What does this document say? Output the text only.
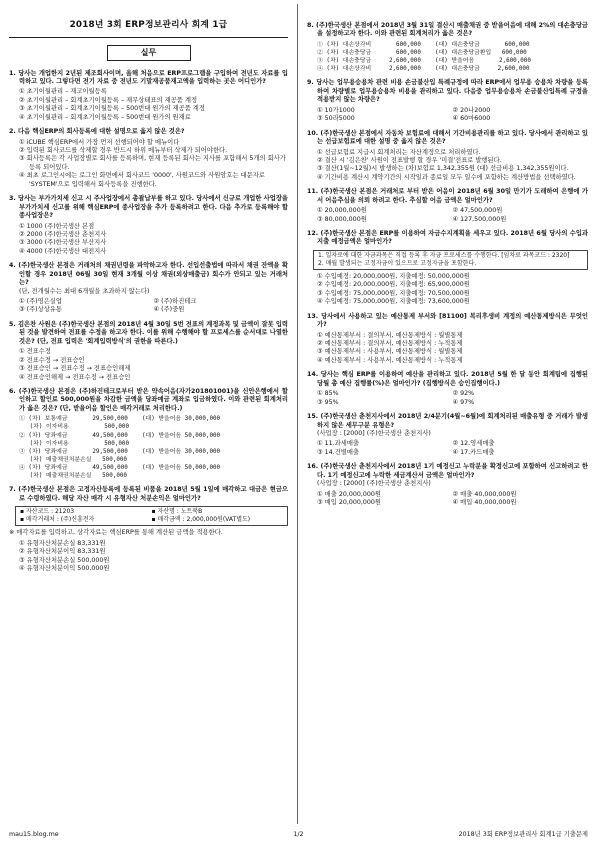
2018년 3회 ERP정보관리사 회계 1급
실무
1. 당사는 개업한지 2년된 제조회사이며, 올해 처음으로 ERP프로그램을 구입하여 전년도 자료를 입력하고 있다. 그렇다면 전기 자료 중 전년도 기말재공품재고액을 입력하는 곳은 어디인가?
① 초기이월관리 – 재고이월등록
② 초기이월관리 – 회계초기이월등록 – 재무상태표의 재공품 계정
③ 초기이월관리 – 회계초기이월등록 – 500번대 원가의 재공품 계정
④ 초기이월관리 – 회계초기이월등록 – 500번대 원가의 원재료
2. 다음 핵심ERP의 회사등록에 대한 설명으로 옳지 않은 것은?
① iCUBE 핵심ERP에서 가장 먼저 선행되어야 할 메뉴이다
② 입력된 회사코드를 삭제할 경우 반드시 하위 메뉴부터 삭제가 되어야한다.
③ 회사등록은 각 사업장별로 회사를 등록하며, 현재 등록된 회사는 지사를 포함해서 5개의 회사가 등록 되어있다.
④ 최초 로그인시에는 로그인 화면에서 회사코드 '0000', 사원코드와 사원암호는 대문자로 'SYSTEM'으로 입력해서 회사등록을 진행한다.
3. 당사는 부가가치세 신고 시 주사업장에서 총괄납부를 하고 있다. 당사에서 신규로 개업한 사업장을 부가가치세 신고를 위해 핵심ERP에 종사업장을 추가 등록하려고 한다. 다음 추가로 등록해야 할 종사업장은?
① 1000 (주)한국생산 본점
② 2000 (주)한국생산 춘천지사
③ 3000 (주)한국생산 부산지사
④ 4000 (주)한국생산 대전지사
4. (주)한국생산 본점은 거래처의 채권년령을 파악하고자 한다. 선입선출법에 따라서 채권 잔액을 확인할 경우 2018년 06월 30일 현재 3개월 이상 채권(외상매출금) 회수가 안되고 있는 거래처는?
(단, 전개월수는 최대 6개월을 초과하지 않는다)
① (주)영은실업	② (주)하진테크
③ (주)상상유통	④ (주)중원
5. 김은찬 사원은 (주)한국생산 본점의 2018년 4월 30일 5번 전표의 계정과목 및 금액이 잘못 입력된 것을 발견하여 전표를 수정을 하고자 한다. 이를 위해 수행해야 할 프로세스를 순서대로 나열한 것은? (단, 전표 입력은 '회계입력방식'의 권한을 따른다.)
① 전표수정
② 전표수정 → 전표승인
③ 전표승인 → 전표수정 → 전표승인해제
④ 전표승인해제 → 전표수정 → 전표승인
6. (주)한국생산 본점은 (주)하진테크로부터 받은 약속어음(자가201801001)을 신안은행에서 할인하고 할인료 500,000원을 차감한 금액을 당좌예금 계좌로 입금하였다. 이와 관련된 회계처리가 옳은 것은? (단, 받을어음 할인은 매각거래로 처리한다.)
① (차) 보통예금       29,500,000    (대) 받을어음 30,000,000
(차) 이자비용          500,000
② (차) 당좌예금       49,500,000    (대) 받을어음 50,000,000
(차) 이자비용          500,000
③ (차) 당좌예금       29,500,000    (대) 받을어음 30,000,000
(차) 매출채권처분손실   500,000
④ (차) 당좌예금       49,500,000    (대) 받을어음 50,000,000
(차) 매출채권처분손실   500,000
7. (주)한국생산 본점은 고정자산등록에 등록된 비품을 2018년 5월 1일에 매각하고 대금은 현금으로 수령하였다. 해당 자산 매각 시 유형자산 처분손익은 얼마인가?
▪ 자산코드 : 21203	▪ 자산명 : 노트북B
▪ 매각거래처 : (주)신흥전자	▪ 매각금액 : 2,000,000원(VAT별도)
※ 매각자료를 입력하고, 상각자료는 핵심ERP를 통해 계산된 금액을 적용한다.
① 유형자산처분손실 83,331원
② 유형자산처분이익 83,331원
③ 유형자산처분손실 500,000원
④ 유형자산처분이익 500,000원
8. (주)한국생산 본점에서 2018년 3월 31일 결산시 매출채권 중 받을어음에 대해 2%의 대손충당금을 설정하고자 한다. 이와 관련된 회계처리가 옳은 것은?
① (차) 대손상각비       600,000    (대) 대손충당금       600,000
② (차) 대손충당금       600,000    (대) 대손충당금환입   600,000
③ (차) 대손충당금     2,600,000    (대) 받을어음       2,600,000
④ (차) 대손상각비     2,600,000    (대) 대손충당금     2,600,000
9. 당사는 업무용승용차 관련 비용 손금불산입 특례규정에 따라 ERP에서 업무용 승용차 차량을 등록하여 차량별로 업무용승용차 비용을 관리하고 있다. 다음중 업무용승용차 손금불산입특례 규정을 적용받지 않는 차량은?
① 10가1000	② 20나2000
③ 50라5000	④ 60마6000
10. (주)한국생산 본점에서 자동차 보험료에 대해서 기간비용관리를 하고 있다. 당사에서 관리하고 있는 선급보험료에 대한 설명 중 옳지 않은 것은?
① 선급보험료 지급시 회계처리는 자산계정으로 처리하였다.
② 결산 시 '김은찬' 사원이 전표발행 할 경우 '미결'전표로 발행된다.
③ 결산(1월~12월)시 발생하는 (차)보험료 1,342,355원 (대) 선급비용 1,342,355원이다.
④ 기간비용 계산시 계약기간의 시작일과 종료일 모두 일수에 포함하는 계산방법을 선택하였다.
11. (주)한국생산 본점은 거래처로 부터 받은 어음이 2018년 6월 30일 만기가 도래하여 은행에 가서 어음추심을 의뢰 하려고 한다. 추심할 어음 금액은 얼마인가?
① 20,000,000원	② 47,500,000원
③ 80,000,000원	④ 127,500,000원
12. (주)한국생산 본점은 ERP를 이용하여 자금수지계획을 세우고 있다. 2018년 6월 당사의 수입과 지출 예정금액은 얼마인가?
1. 일자로에 대한 자금과목은 직접 등록 후 자금 프로세스를 수행한다. [임차료 과목코드 : 2320]
2. 매월 발생되는 고정자금이 있으므로 고정자금을 포함한다.
① 수입예정: 20,000,000원, 지출예정: 50,000,000원
② 수입예정: 20,000,000원, 지출예정: 65,900,000원
③ 수입예정: 75,000,000원, 지출예정: 70,500,000원
④ 수입예정: 75,000,000원, 지출예정: 73,600,000원
13. 당사에서 사용하고 있는 예산통제 부서와 [81100] 복리후생비 계정의 예산통제방식은 무엇인가?
① 예산통제부서 : 결의부서, 예산통제방식 : 월별통제
② 예산통제부서 : 결의부서, 예산통제방식 : 누적통제
③ 예산통제부서 : 사용부서, 예산통제방식 : 월별통제
④ 예산통제부서 : 사용부서, 예산통제방식 : 누적통제
14. 당사는 핵심 ERP를 이용하여 예산을 관리하고 있다. 2018년 5월 한 달 동안 회계팀에 집행된 당월 총 예산 집행률(%)은 얼마인가? (집행방식은 승인집행이다.)
① 85%	② 92%
③ 95%	④ 97%
15. (주)한국생산 춘천지사에서 2018년 2/4분기(4월~6월)에 회계처리된 매출유형 중 거래가 발생하지 않은 세무구분 유형은?
(사업장 : [2000] (주)한국생산 춘천지사)
① 11.과세매출	② 12.영세매출
③ 14.건별매출	④ 17.카드매출
16. (주)한국생산 춘천지사에서 2018년 1기 예정신고 누락분을 확정신고에 포함하여 신고하려고 한다. 1기 예정신고에 누락한 세금계산서 금액은 얼마인가?
(사업장 : [2000] (주)한국생산 춘천지사)
① 매출 20,000,000원	② 매출 40,000,000원
③ 매입 20,000,000원	④ 매입 40,000,000원
1/2
mau15.blog.me	2018년 3회 ERP정보관리사 회계1급 기출문제
